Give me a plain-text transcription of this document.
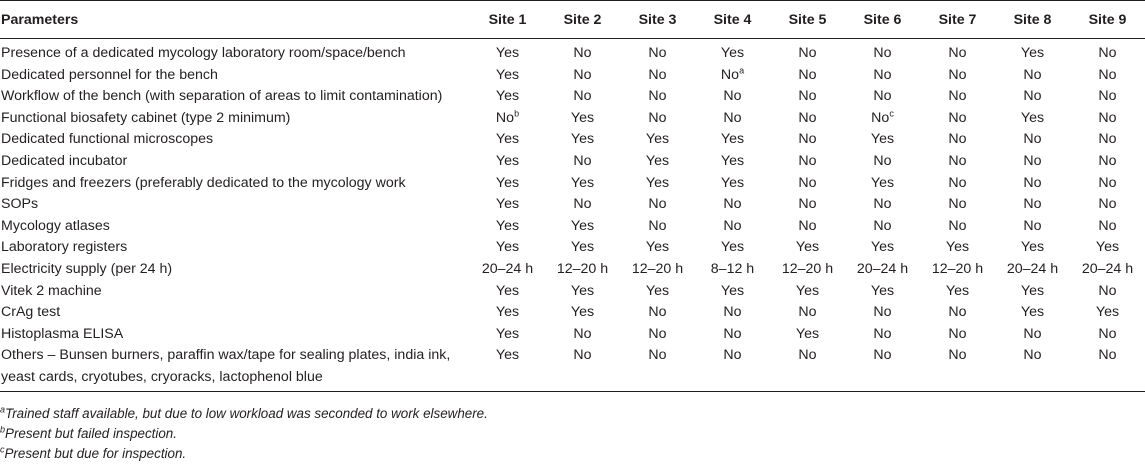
Parameters	Site 1	Site 2	Site 3	Site 4	Site 5	Site 6	Site 7	Site 8	Site 9
Presence of a dedicated mycology laboratory room/space/bench	Yes	No	No	Yes	No	No	No	Yes	No
Dedicated personnel for the bench	Yes	No	No	No$^a$	No	No	No	No	No
Workflow of the bench (with separation of areas to limit contamination)	Yes	No	No	No	No	No	No	No	No
Functional biosafety cabinet (type 2 minimum)	No$^b$	Yes	No	No	No	No$^c$	No	Yes	No
Dedicated functional microscopes	Yes	Yes	Yes	Yes	No	Yes	No	No	No
Dedicated incubator	Yes	No	Yes	Yes	No	No	No	No	No
Fridges and freezers (preferably dedicated to the mycology work	Yes	Yes	Yes	Yes	No	Yes	No	No	No
SOPs	Yes	No	No	No	No	No	No	No	No
Mycology atlases	Yes	Yes	No	No	No	No	No	No	No
Laboratory registers	Yes	Yes	Yes	Yes	Yes	Yes	Yes	Yes	Yes
Electricity supply (per 24 h)	20–24 h	12–20 h	12–20 h	8–12 h	12–20 h	20–24 h	12–20 h	20–24 h	20–24 h
Vitek 2 machine	Yes	Yes	Yes	Yes	Yes	Yes	Yes	Yes	No
CrAg test	Yes	Yes	No	No	No	No	No	Yes	Yes
Histoplasma ELISA	Yes	No	No	No	Yes	No	No	No	No
Others – Bunsen burners, paraffin wax/tape for sealing plates, india ink, yeast cards, cryotubes, cryoracks, lactophenol blue	Yes	No	No	No	No	No	No	No	No
$^a$Trained staff available, but due to low workload was seconded to work elsewhere.
$^b$Present but failed inspection.
$^c$Present but due for inspection.
